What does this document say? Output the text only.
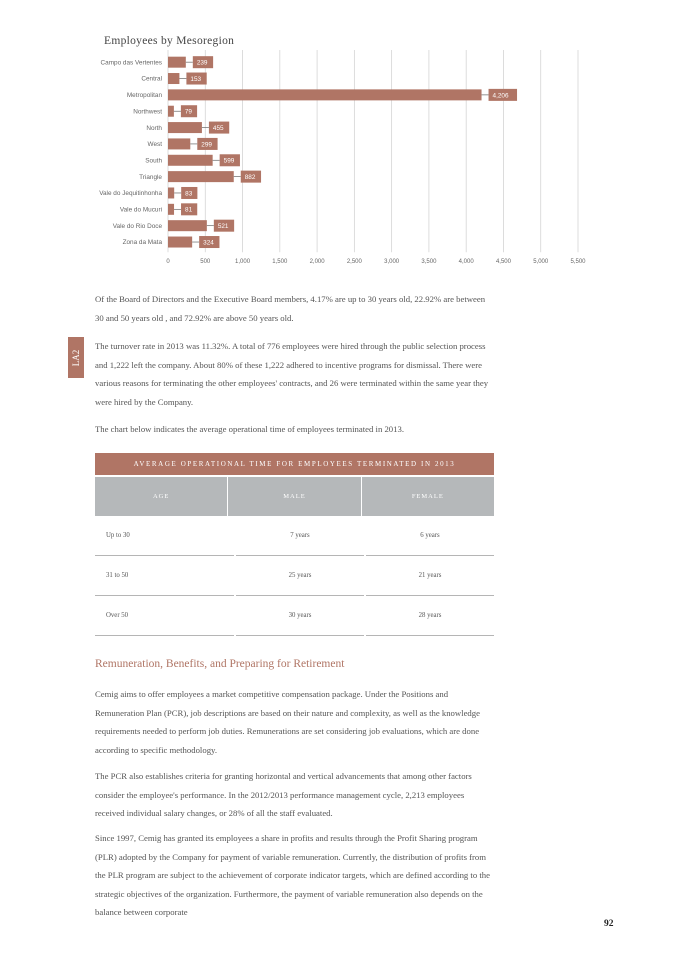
Employees by Mesoregion
0	500	1,000	1,500	2,000	2,500	3,000	3,500	4,000	4,500	5,000	5,500
Campo das Vertentes	239
Central	153
Metropolitan	4,206
Northwest	79
North	455
West	299
South	599
Triangle	882
Vale do Jequitinhonha	83
Vale do Mucuri	81
Vale do Rio Doce	521
Zona da Mata	324
LA2

Of the Board of Directors and the Executive Board members, 4.17% are up to 30 years old, 22.92% are between 30 and 50 years old , and 72.92% are above 50 years old.

The turnover rate in 2013 was 11.32%. A total of 776 employees were hired through the public selection process and 1,222 left the company. About 80% of these 1,222 adhered to incentive programs for dismissal. There were various reasons for terminating the other employees' contracts, and 26 were terminated within the same year they were hired by the Company.

The chart below indicates the average operational time of employees terminated in 2013.

AVERAGE OPERATIONAL TIME FOR EMPLOYEES TERMINATED IN 2013
AGE	MALE	FEMALE
Up to 30	7 years	6 years
31 to 50	25 years	21 years
Over 50	30 years	28 years
Remuneration, Benefits, and Preparing for Retirement

Cemig aims to offer employees a market competitive compensation package. Under the Positions and Remuneration Plan (PCR), job descriptions are based on their nature and complexity, as well as the knowledge requirements needed to perform job duties. Remunerations are set considering job evaluations, which are done according to specific methodology.

The PCR also establishes criteria for granting horizontal and vertical advancements that among other factors consider the employee's performance. In the 2012/2013 performance management cycle, 2,213 employees received individual salary changes, or 28% of all the staff evaluated.

Since 1997, Cemig has granted its employees a share in profits and results through the Profit Sharing program (PLR) adopted by the Company for payment of variable remuneration. Currently, the distribution of profits from the PLR program are subject to the achievement of corporate indicator targets, which are defined according to the strategic objectives of the organization. Furthermore, the payment of variable remuneration also depends on the balance between corporate

92
